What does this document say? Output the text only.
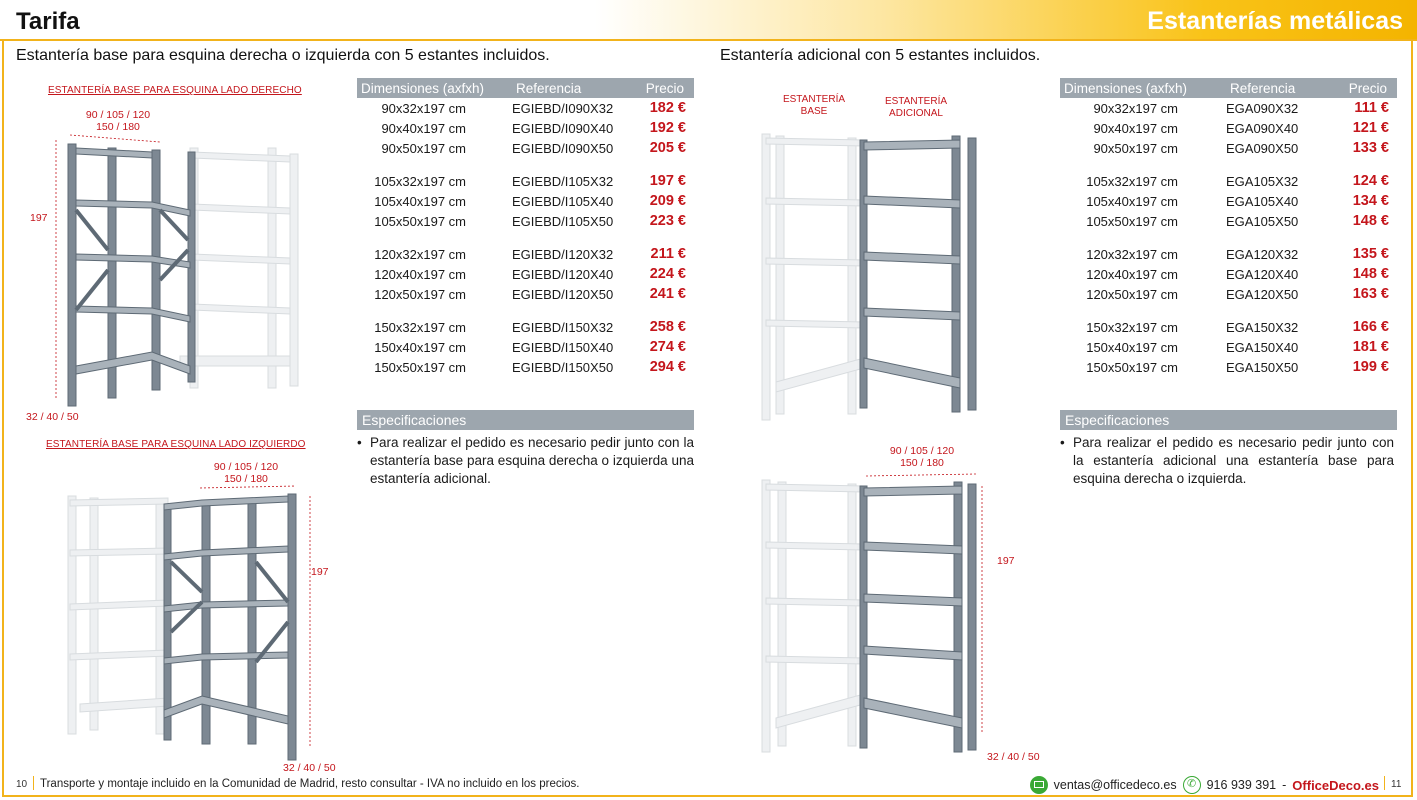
Tarifa	Estanterías metálicas
Estantería base para esquina derecha o izquierda con 5 estantes incluidos.
ESTANTERÍA BASE PARA ESQUINA LADO DERECHO
90 / 105 / 120
150 / 180
197
32 / 40 / 50
ESTANTERÍA BASE PARA ESQUINA LADO IZQUIERDO
90 / 105 / 120
150 / 180
197
32 / 40 / 50
Dimensiones (axfxh)	Referencia	Precio
90x32x197 cm	EGIEBD/I090X32	182 €
90x40x197 cm	EGIEBD/I090X40	192 €
90x50x197 cm	EGIEBD/I090X50	205 €

105x32x197 cm	EGIEBD/I105X32	197 €
105x40x197 cm	EGIEBD/I105X40	209 €
105x50x197 cm	EGIEBD/I105X50	223 €

120x32x197 cm	EGIEBD/I120X32	211 €
120x40x197 cm	EGIEBD/I120X40	224 €
120x50x197 cm	EGIEBD/I120X50	241 €

150x32x197 cm	EGIEBD/I150X32	258 €
150x40x197 cm	EGIEBD/I150X40	274 €
150x50x197 cm	EGIEBD/I150X50	294 €
Especificaciones
• Para realizar el pedido es necesario pedir junto con la estantería base para esquina derecha o izquierda una estantería adicional.
Estantería adicional con 5 estantes incluidos.
ESTANTERÍA BASE
ESTANTERÍA ADICIONAL
90 / 105 / 120
150 / 180
197
32 / 40 / 50
Dimensiones (axfxh)	Referencia	Precio
90x32x197 cm	EGA090X32	111 €
90x40x197 cm	EGA090X40	121 €
90x50x197 cm	EGA090X50	133 €

105x32x197 cm	EGA105X32	124 €
105x40x197 cm	EGA105X40	134 €
105x50x197 cm	EGA105X50	148 €

120x32x197 cm	EGA120X32	135 €
120x40x197 cm	EGA120X40	148 €
120x50x197 cm	EGA120X50	163 €

150x32x197 cm	EGA150X32	166 €
150x40x197 cm	EGA150X40	181 €
150x50x197 cm	EGA150X50	199 €
Especificaciones
• Para realizar el pedido es necesario pedir junto con la estantería adicional una estantería base para esquina derecha o izquierda.
10 Transporte y montaje incluido en la Comunidad de Madrid, resto consultar - IVA no incluido en los precios.	ventas@officedeco.es ✆ 916 939 391 - OfficeDeco.es 11
